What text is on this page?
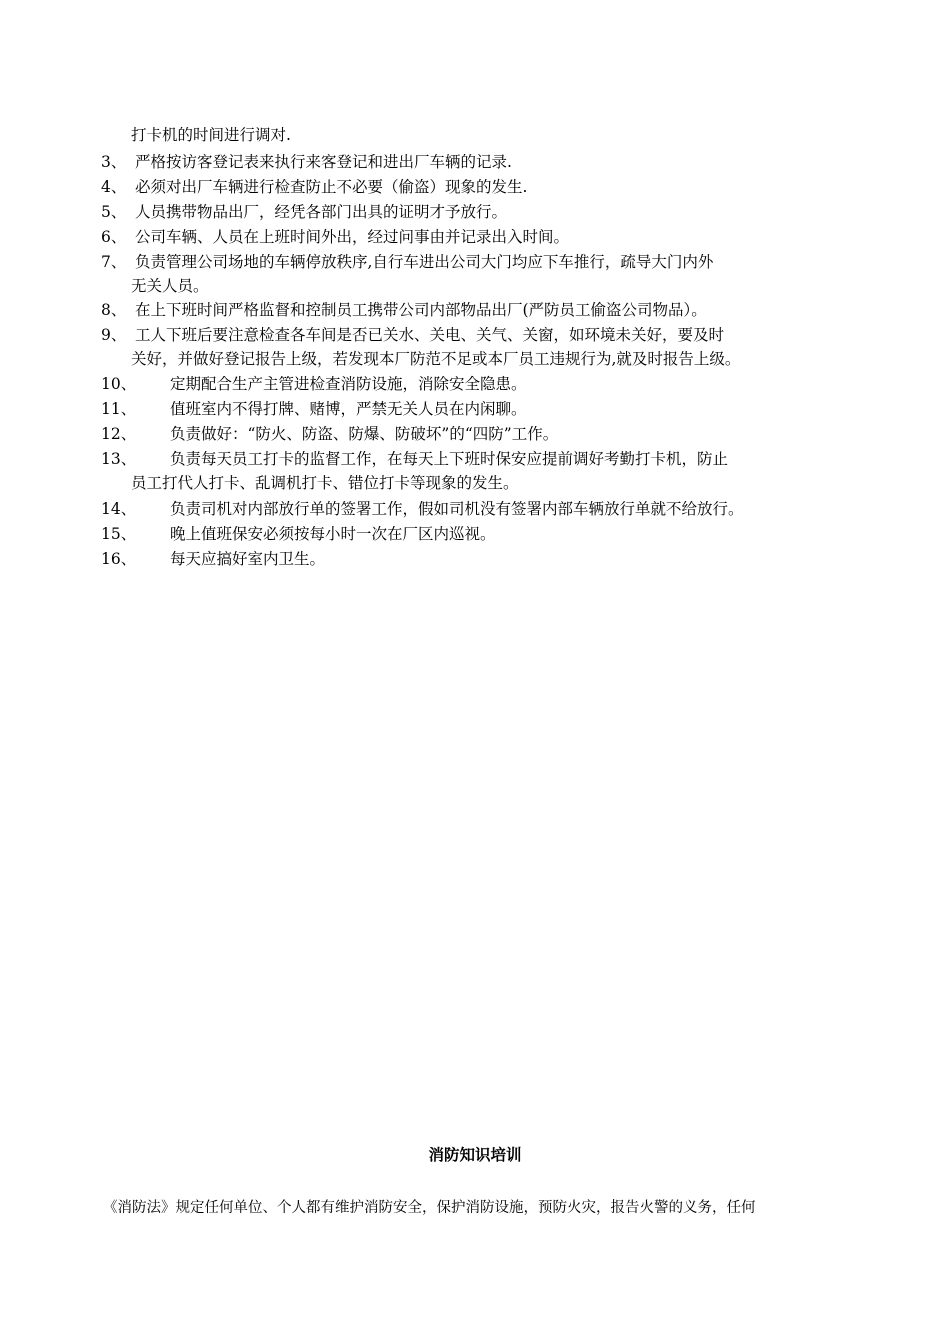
打卡机的时间进行调对.
3、 严格按访客登记表来执行来客登记和进出厂车辆的记录.
4、 必须对出厂车辆进行检查防止不必要（偷盗）现象的发生.
5、 人员携带物品出厂，经凭各部门出具的证明才予放行。
6、 公司车辆、人员在上班时间外出，经过问事由并记录出入时间。
7、 负责管理公司场地的车辆停放秩序,自行车进出公司大门均应下车推行，疏导大门内外
无关人员。
8、 在上下班时间严格监督和控制员工携带公司内部物品出厂(严防员工偷盗公司物品）。
9、 工人下班后要注意检查各车间是否已关水、关电、关气、关窗，如环境未关好，要及时
关好，并做好登记报告上级，若发现本厂防范不足或本厂员工违规行为,就及时报告上级。
10、 定期配合生产主管进检查消防设施，消除安全隐患。
11、 值班室内不得打牌、赌博，严禁无关人员在内闲聊。
12、 负责做好：“防火、防盗、防爆、防破坏”的“四防”工作。
13、 负责每天员工打卡的监督工作，在每天上下班时保安应提前调好考勤打卡机，防止
员工打代人打卡、乱调机打卡、错位打卡等现象的发生。
14、 负责司机对内部放行单的签署工作，假如司机没有签署内部车辆放行单就不给放行。
15、 晚上值班保安必须按每小时一次在厂区内巡视。
16、 每天应搞好室内卫生。
消防知识培训
《消防法》规定任何单位、个人都有维护消防安全，保护消防设施，预防火灾，报告火警的义务，任何
